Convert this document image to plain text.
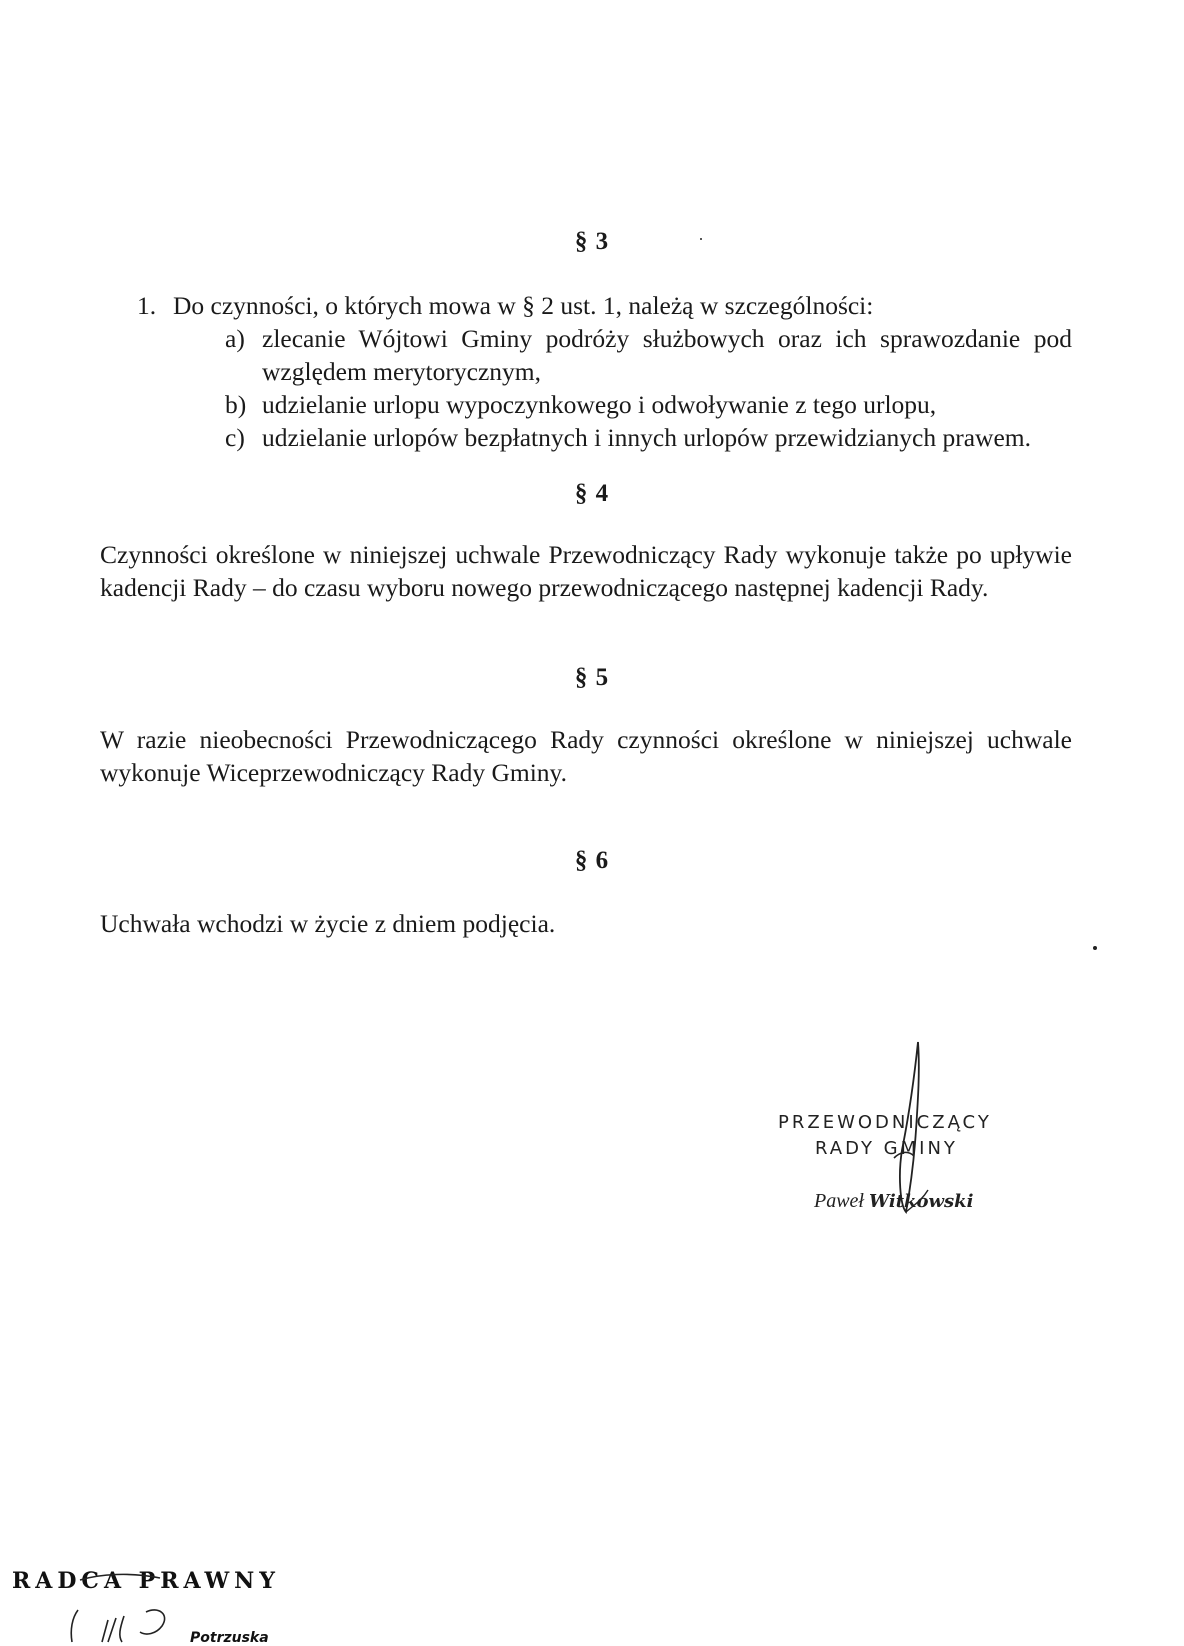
§ 3
1. Do czynności, o których mowa w § 2 ust. 1, należą w szczególności:
a) zlecanie Wójtowi Gminy podróży służbowych oraz ich sprawozdanie pod względem merytorycznym,
b) udzielanie urlopu wypoczynkowego i odwoływanie z tego urlopu,
c) udzielanie urlopów bezpłatnych i innych urlopów przewidzianych prawem.
§ 4
Czynności określone w niniejszej uchwale Przewodniczący Rady wykonuje także po upływie kadencji Rady – do czasu wyboru nowego przewodniczącego następnej kadencji Rady.
§ 5
W razie nieobecności Przewodniczącego Rady czynności określone w niniejszej uchwale wykonuje Wiceprzewodniczący Rady Gminy.
§ 6
Uchwała wchodzi w życie z dniem podjęcia.
PRZEWODNICZĄCY
RADY GMINY
Paweł Witkowski
RADCA PRAWNY
Potrzuska
